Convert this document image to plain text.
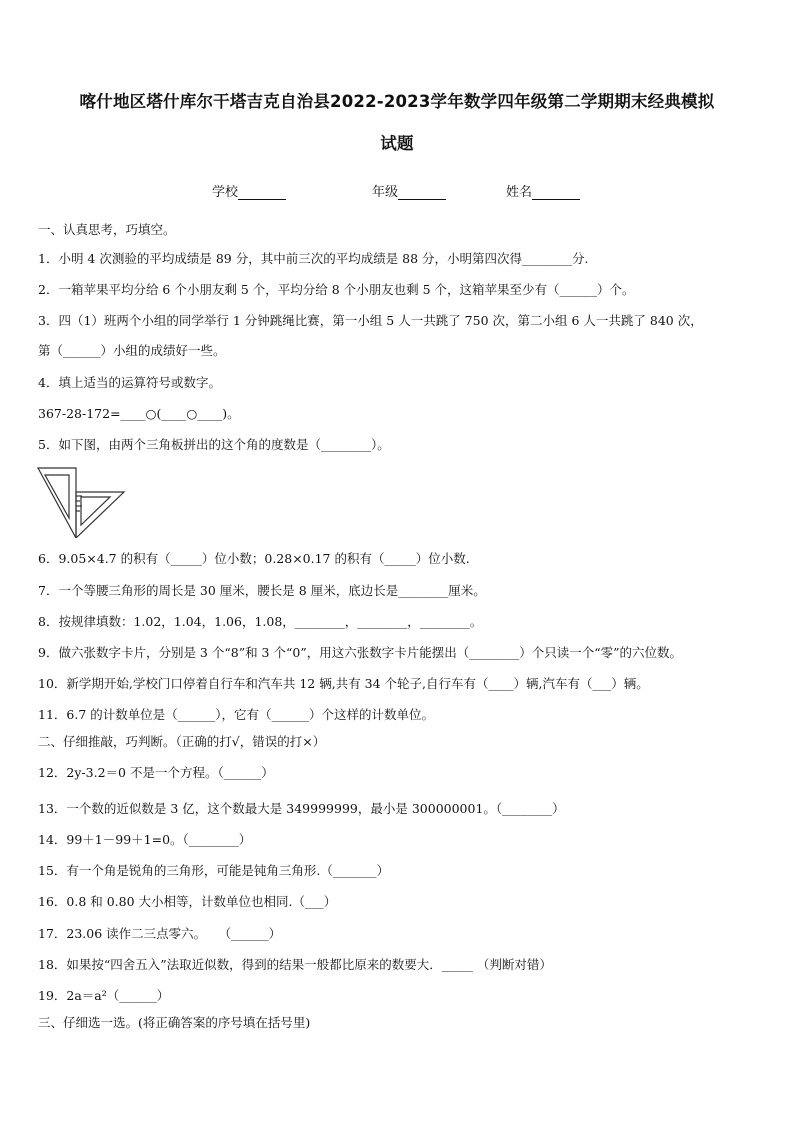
喀什地区塔什库尔干塔吉克自治县2022-2023学年数学四年级第二学期期末经典模拟
试题
学校	年级	姓名
一、认真思考，巧填空。
1．小明 4 次测验的平均成绩是 89 分，其中前三次的平均成绩是 88 分，小明第四次得________分.
2．一箱苹果平均分给 6 个小朋友剩 5 个，平均分给 8 个小朋友也剩 5 个，这箱苹果至少有（______）个。
3．四（1）班两个小组的同学举行 1 分钟跳绳比赛，第一小组 5 人一共跳了 750 次，第二小组 6 人一共跳了 840 次，
第（______）小组的成绩好一些。
4．填上适当的运算符号或数字。
367-28-172=____○(____○____)。
5．如下图，由两个三角板拼出的这个角的度数是（________）。
6．9.05×4.7 的积有（_____）位小数；0.28×0.17 的积有（_____）位小数.
7．一个等腰三角形的周长是 30 厘米，腰长是 8 厘米，底边长是________厘米。
8．按规律填数：1.02，1.04，1.06，1.08，________，________，________。
9．做六张数字卡片，分别是 3 个“8”和 3 个“0”，用这六张数字卡片能摆出（________）个只读一个“零”的六位数。
10．新学期开始,学校门口停着自行车和汽车共 12 辆,共有 34 个轮子,自行车有（____）辆,汽车有（___）辆。
11．6.7 的计数单位是（______），它有（______）个这样的计数单位。
二、仔细推敲，巧判断。（正确的打√，错误的打×）
12．2y-3.2＝0 不是一个方程。（______）
13．一个数的近似数是 3 亿，这个数最大是 349999999，最小是 300000001。（________）
14．99＋1－99＋1=0。（________）
15．有一个角是锐角的三角形，可能是钝角三角形.（_______）
16．0.8 和 0.80 大小相等，计数单位也相同.（___）
17．23.06 读作二三点零六。　　（______）
18．如果按“四舍五入”法取近似数，得到的结果一般都比原来的数要大．_____ （判断对错）
19．2a＝a²（______）
三、仔细选一选。(将正确答案的序号填在括号里)
